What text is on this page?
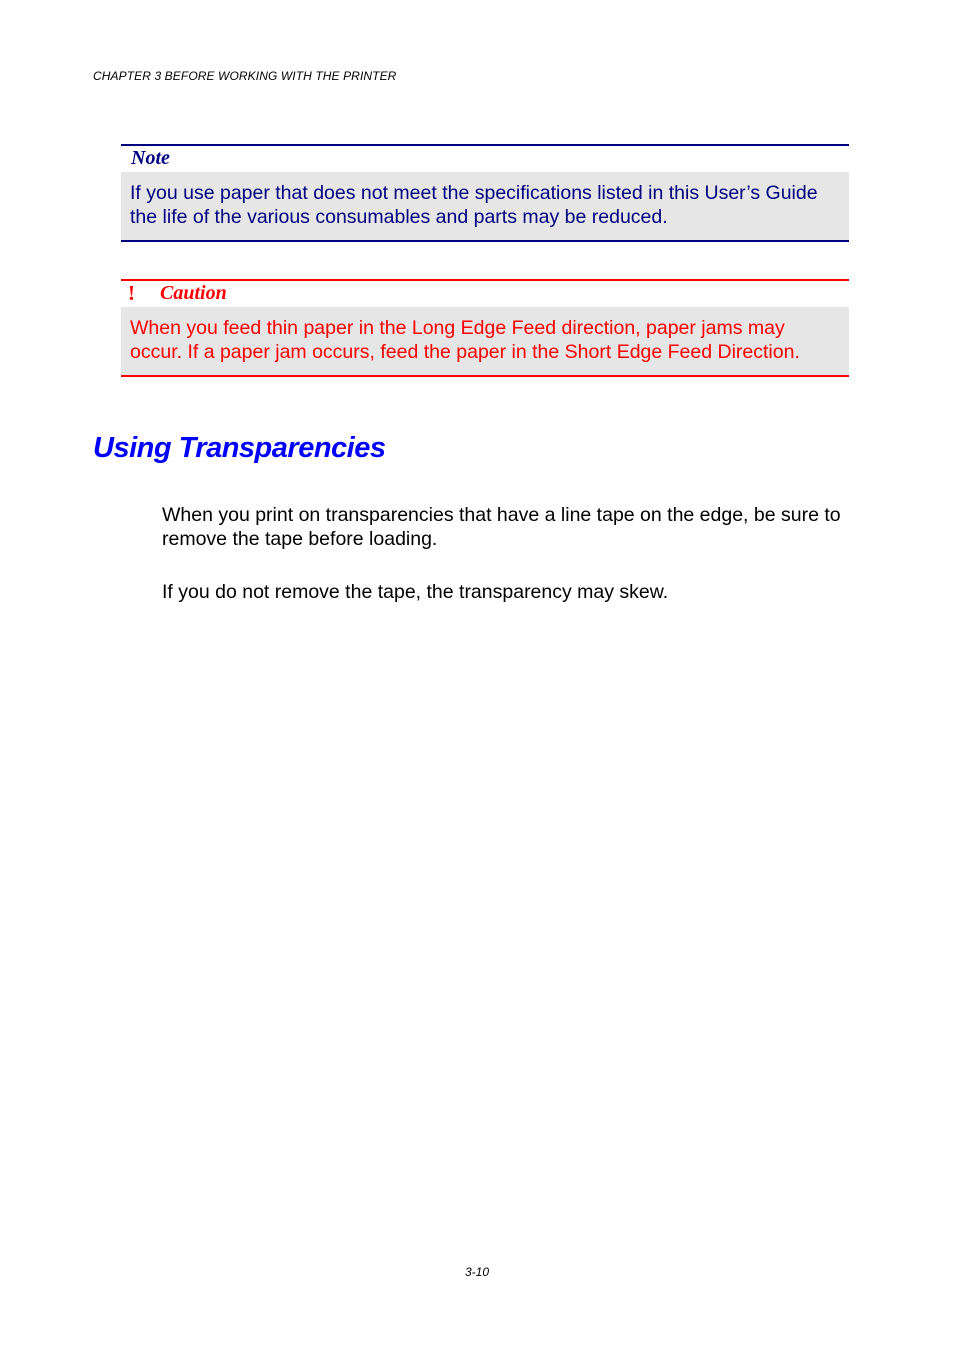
CHAPTER 3 BEFORE WORKING WITH THE PRINTER
Note
If you use paper that does not meet the specifications listed in this User’s Guide the life of the various consumables and parts may be reduced.
! Caution
When you feed thin paper in the Long Edge Feed direction, paper jams may occur. If a paper jam occurs, feed the paper in the Short Edge Feed Direction.
Using Transparencies

When you print on transparencies that have a line tape on the edge, be sure to remove the tape before loading.

If you do not remove the tape, the transparency may skew.

3-10
